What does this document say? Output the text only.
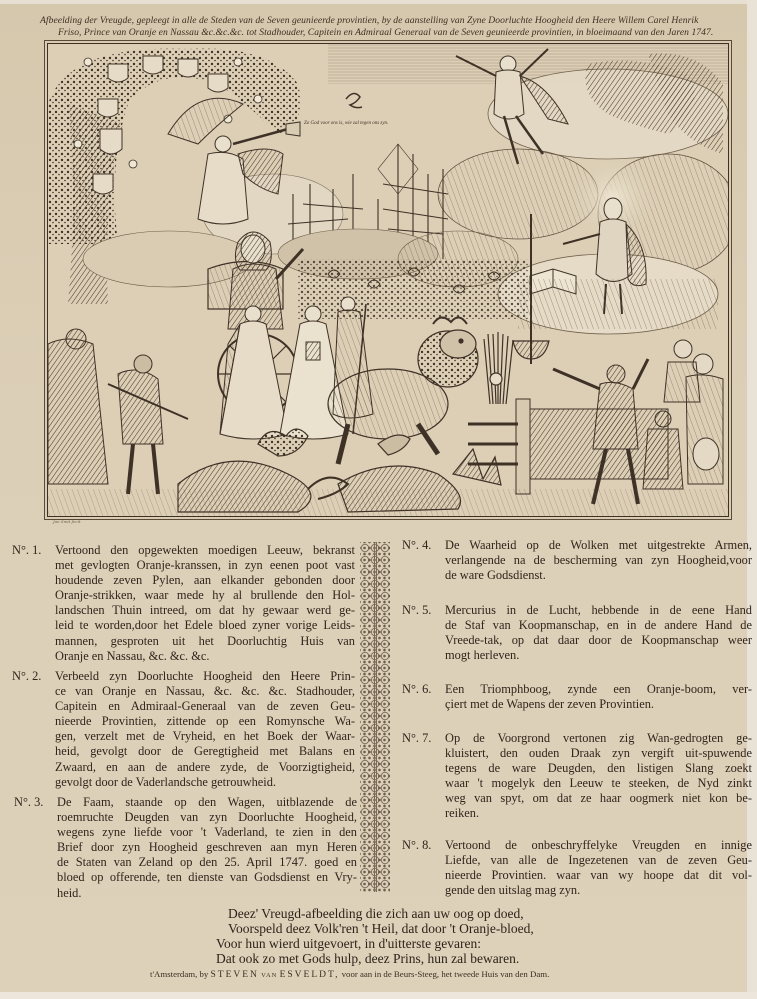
Afbeelding der Vreugde, gepleegt in alle de Steden van de Seven geunieerde provintien, by de aanstelling van Zyne Doorluchte Hoogheid den Heere Willem Carel Henrik
Friso, Prince van Oranje en Nassau &c.&c.&c. tot Stadhouder, Capitein en Admiraal Generaal van de Seven geunieerde provintien, in bloeimaand van den Jaren 1747.
Zo God voor ons is, wie zal tegen ons zyn.
Jan Smit fecit
N°. 1. Vertoond den opgewekten moedigen Leeuw, bekranst
met gevlogten Oranje-kranssen, in zyn eenen poot vast
houdende zeven Pylen, aan elkander gebonden door
Oranje-strikken, waar mede hy al brullende den Hol-
landschen Thuin intreed, om dat hy gewaar werd ge-
leid te worden,door het Edele bloed zyner vorige Leids-
mannen, gesproten uit het Doorluchtig Huis van
Oranje en Nassau, &c. &c. &c.
N°. 2. Verbeeld zyn Doorluchte Hoogheid den Heere Prin-
ce van Oranje en Nassau, &c. &c. &c. Stadhouder,
Capitein en Admiraal-Generaal van de zeven Geu-
nieerde Provintien, zittende op een Romynsche Wa-
gen, verzelt met de Vryheid, en het Boek der Waar-
heid, gevolgt door de Geregtigheid met Balans en
Zwaard, en aan de andere zyde, de Voorzigtigheid,
gevolgt door de Vaderlandsche getrouwheid.
N°. 3. De Faam, staande op den Wagen, uitblazende de
roemruchte Deugden van zyn Doorluchte Hoogheid,
wegens zyne liefde voor 't Vaderland, te zien in den
Brief door zyn Hoogheid geschreven aan myn Heren
de Staten van Zeland op den 25. April 1747. goed en
bloed op offerende, ten dienste van Godsdienst en Vry-
heid.
N°. 4. De Waarheid op de Wolken met uitgestrekte Armen,
verlangende na de bescherming van zyn Hoogheid,voor
de ware Godsdienst.
N°. 5. Mercurius in de Lucht, hebbende in de eene Hand
de Staf van Koopmanschap, en in de andere Hand de
Vreede-tak, op dat daar door de Koopmanschap weer
mogt herleven.
N°. 6. Een Triomphboog, zynde een Oranje-boom, ver-
çiert met de Wapens der zeven Provintien.
N°. 7. Op de Voorgrond vertonen zig Wan-gedrogten ge-
kluistert, den ouden Draak zyn vergift uit-spuwende
tegens de ware Deugden, den listigen Slang zoekt
waar 't mogelyk den Leeuw te steeken, de Nyd zinkt
weg van spyt, om dat ze haar oogmerk niet kon be-
reiken.
N°. 8. Vertoond de onbeschryffelyke Vreugden en innige
Liefde, van alle de Ingezetenen van de zeven Geu-
nieerde Provintien. waar van wy hoope dat dit vol-
gende den uitslag mag zyn.
Deez' Vreugd-afbeelding die zich aan uw oog op doed,
Voorspeld deez Volk'ren 't Heil, dat door 't Oranje-bloed,
Voor hun wierd uitgevoert, in d'uitterste gevaren:
Dat ook zo met Gods hulp, deez Prins, hun zal bewaren.
t'Amsterdam, by STEVEN VAN ESVELDT, voor aan in de Beurs-Steeg, het tweede Huis van den Dam.
